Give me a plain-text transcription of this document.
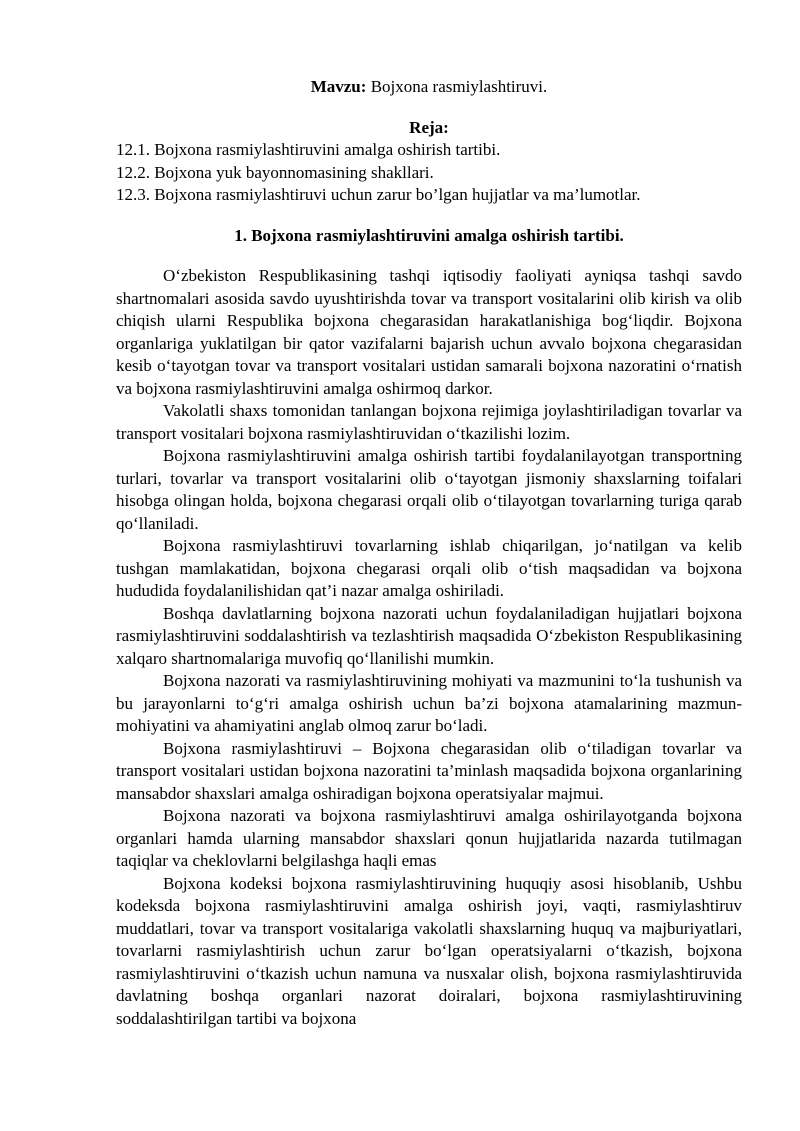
Mavzu: Bojxona rasmiylashtiruvi.

Reja:

12.1. Bojxona rasmiylashtiruvini amalga oshirish tartibi.
12.2. Bojxona yuk bayonnomasining shakllari.
12.3. Bojxona rasmiylashtiruvi uchun zarur bo’lgan hujjatlar va ma’lumotlar.

1. Bojxona rasmiylashtiruvini amalga oshirish tartibi.

O‘zbekiston Respublikasining tashqi iqtisodiy faoliyati ayniqsa tashqi savdo shartnomalari asosida savdo uyushtirishda tovar va transport vositalarini olib kirish va olib chiqish ularni Respublika bojxona chegarasidan harakatlanishiga bog‘liqdir. Bojxona organlariga yuklatilgan bir qator vazifalarni bajarish uchun avvalo bojxona chegarasidan kesib o‘tayotgan tovar va transport vositalari ustidan samarali bojxona nazoratini o‘rnatish va bojxona rasmiylashtiruvini amalga oshirmoq darkor.

Vakolatli shaxs tomonidan tanlangan bojxona rejimiga joylashtiriladigan tovarlar va transport vositalari bojxona rasmiylashtiruvidan o‘tkazilishi lozim.

Bojxona rasmiylashtiruvini amalga oshirish tartibi foydalanilayotgan transportning turlari, tovarlar va transport vositalarini olib o‘tayotgan jismoniy shaxslarning toifalari hisobga olingan holda, bojxona chegarasi orqali olib o‘tilayotgan tovarlarning turiga qarab qo‘llaniladi.

Bojxona rasmiylashtiruvi tovarlarning ishlab chiqarilgan, jo‘natilgan va kelib tushgan mamlakatidan, bojxona chegarasi orqali olib o‘tish maqsadidan va bojxona hududida foydalanilishidan qat’i nazar amalga oshiriladi.

Boshqa davlatlarning bojxona nazorati uchun foydalaniladigan hujjatlari bojxona rasmiylashtiruvini soddalashtirish va tezlashtirish maqsadida O‘zbekiston Respublikasining xalqaro shartnomalariga muvofiq qo‘llanilishi mumkin.

Bojxona nazorati va rasmiylashtiruvining mohiyati va mazmunini to‘la tushunish va bu jarayonlarni to‘g‘ri amalga oshirish uchun ba’zi bojxona atamalarining mazmun-mohiyatini va ahamiyatini anglab olmoq zarur bo‘ladi.

Bojxona rasmiylashtiruvi – Bojxona chegarasidan olib o‘tiladigan tovarlar va transport vositalari ustidan bojxona nazoratini ta’minlash maqsadida bojxona organlarining mansabdor shaxslari amalga oshiradigan bojxona operatsiyalar majmui.

Bojxona nazorati va bojxona rasmiylashtiruvi amalga oshirilayotganda bojxona organlari hamda ularning mansabdor shaxslari qonun hujjatlarida nazarda tutilmagan taqiqlar va cheklovlarni belgilashga haqli emas

Bojxona kodeksi bojxona rasmiylashtiruvining huquqiy asosi hisoblanib, Ushbu kodeksda bojxona rasmiylashtiruvini amalga oshirish joyi, vaqti, rasmiylashtiruv muddatlari, tovar va transport vositalariga vakolatli shaxslarning huquq va majburiyatlari, tovarlarni rasmiylashtirish uchun zarur bo‘lgan operatsiyalarni o‘tkazish, bojxona rasmiylashtiruvini o‘tkazish uchun namuna va nusxalar olish, bojxona rasmiylashtiruvida davlatning boshqa organlari nazorat doiralari, bojxona rasmiylashtiruvining soddalashtirilgan tartibi va bojxona
